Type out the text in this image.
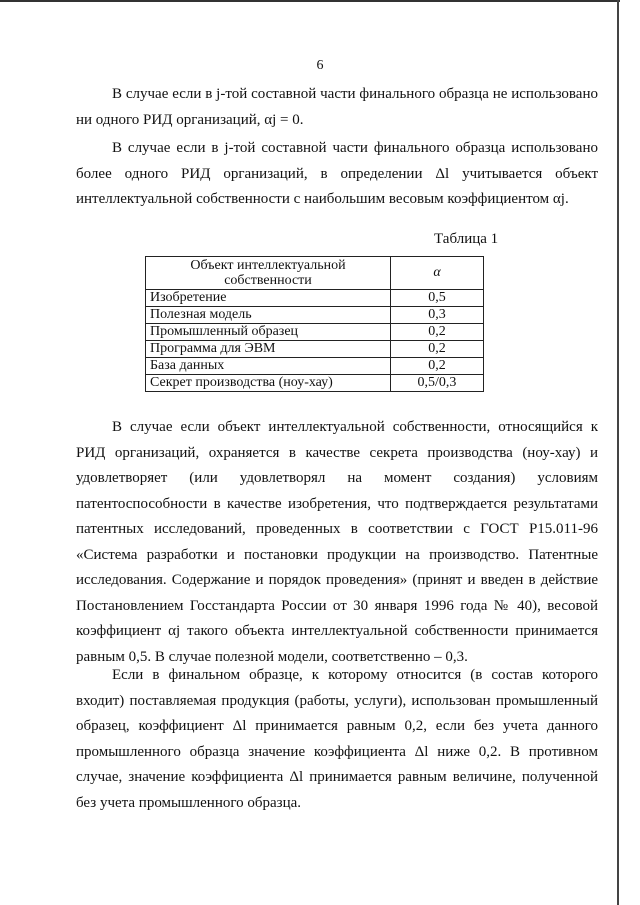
6

В случае если в j-той составной части финального образца не использовано ни одного РИД организаций, αj = 0.

В случае если в j-той составной части финального образца использовано более одного РИД организаций, в определении Δl учитывается объект интеллектуальной собственности с наибольшим весовым коэффициентом αj.

Таблица 1
Объект интеллектуальной собственности	α
Изобретение	0,5
Полезная модель	0,3
Промышленный образец	0,2
Программа для ЭВМ	0,2
База данных	0,2
Секрет производства (ноу-хау)	0,5/0,3

В случае если объект интеллектуальной собственности, относящийся к РИД организаций, охраняется в качестве секрета производства (ноу-хау) и удовлетворяет (или удовлетворял на момент создания) условиям патентоспособности в качестве изобретения, что подтверждается результатами патентных исследований, проведенных в соответствии с ГОСТ Р15.011-96 «Система разработки и постановки продукции на производство. Патентные исследования. Содержание и порядок проведения» (принят и введен в действие Постановлением Госстандарта России от 30 января 1996 года № 40), весовой коэффициент αj такого объекта интеллектуальной собственности принимается равным 0,5. В случае полезной модели, соответственно – 0,3.

Если в финальном образце, к которому относится (в состав которого входит) поставляемая продукция (работы, услуги), использован промышленный образец, коэффициент Δl принимается равным 0,2, если без учета данного промышленного образца значение коэффициента Δl ниже 0,2. В противном случае, значение коэффициента Δl принимается равным величине, полученной без учета промышленного образца.
